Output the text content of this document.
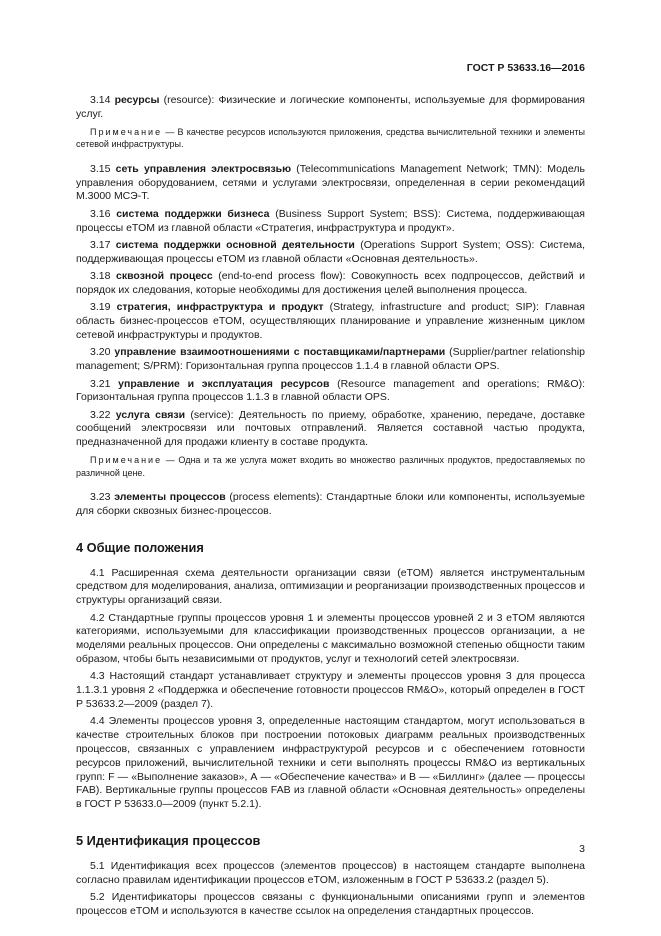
ГОСТ Р 53633.16—2016

3.14 ресурсы (resource): Физические и логические компоненты, используемые для формирования услуг.

Примечание — В качестве ресурсов используются приложения, средства вычислительной техники и элементы сетевой инфраструктуры.

3.15 сеть управления электросвязью (Telecommunications Management Network; TMN): Модель управления оборудованием, сетями и услугами электросвязи, определенная в серии рекомендаций М.3000 МСЭ-Т.

3.16 система поддержки бизнеса (Business Support System; BSS): Система, поддерживающая процессы eTOM из главной области «Стратегия, инфраструктура и продукт».

3.17 система поддержки основной деятельности (Operations Support System; OSS): Система, поддерживающая процессы eTOM из главной области «Основная деятельность».

3.18 сквозной процесс (end-to-end process flow): Совокупность всех подпроцессов, действий и порядок их следования, которые необходимы для достижения целей выполнения процесса.

3.19 стратегия, инфраструктура и продукт (Strategy, infrastructure and product; SIP): Главная область бизнес-процессов eTOM, осуществляющих планирование и управление жизненным циклом сетевой инфраструктуры и продуктов.

3.20 управление взаимоотношениями с поставщиками/партнерами (Supplier/partner relationship management; S/PRM): Горизонтальная группа процессов 1.1.4 в главной области OPS.

3.21 управление и эксплуатация ресурсов (Resource management and operations; RM&O): Горизонтальная группа процессов 1.1.3 в главной области OPS.

3.22 услуга связи (service): Деятельность по приему, обработке, хранению, передаче, доставке сообщений электросвязи или почтовых отправлений. Является составной частью продукта, предназначенной для продажи клиенту в составе продукта.

Примечание — Одна и та же услуга может входить во множество различных продуктов, предоставляемых по различной цене.

3.23 элементы процессов (process elements): Стандартные блоки или компоненты, используемые для сборки сквозных бизнес-процессов.

4 Общие положения

4.1 Расширенная схема деятельности организации связи (eTOM) является инструментальным средством для моделирования, анализа, оптимизации и реорганизации производственных процессов и структуры организаций связи.

4.2 Стандартные группы процессов уровня 1 и элементы процессов уровней 2 и 3 eTOM являются категориями, используемыми для классификации производственных процессов организации, а не моделями реальных процессов. Они определены с максимально возможной степенью общности таким образом, чтобы быть независимыми от продуктов, услуг и технологий сетей электросвязи.

4.3 Настоящий стандарт устанавливает структуру и элементы процессов уровня 3 для процесса 1.1.3.1 уровня 2 «Поддержка и обеспечение готовности процессов RM&O», который определен в ГОСТ Р 53633.2—2009 (раздел 7).

4.4 Элементы процессов уровня 3, определенные настоящим стандартом, могут использоваться в качестве строительных блоков при построении потоковых диаграмм реальных производственных процессов, связанных с управлением инфраструктурой ресурсов и с обеспечением готовности ресурсов приложений, вычислительной техники и сети выполнять процессы RM&O из вертикальных групп: F — «Выполнение заказов», А — «Обеспечение качества» и В — «Биллинг» (далее — процессы FAB). Вертикальные группы процессов FAB из главной области «Основная деятельность» определены в ГОСТ Р 53633.0—2009 (пункт 5.2.1).

5 Идентификация процессов

5.1 Идентификация всех процессов (элементов процессов) в настоящем стандарте выполнена согласно правилам идентификации процессов eTOM, изложенным в ГОСТ Р 53633.2 (раздел 5).

5.2 Идентификаторы процессов связаны с функциональными описаниями групп и элементов процессов eTOM и используются в качестве ссылок на определения стандартных процессов.

3
